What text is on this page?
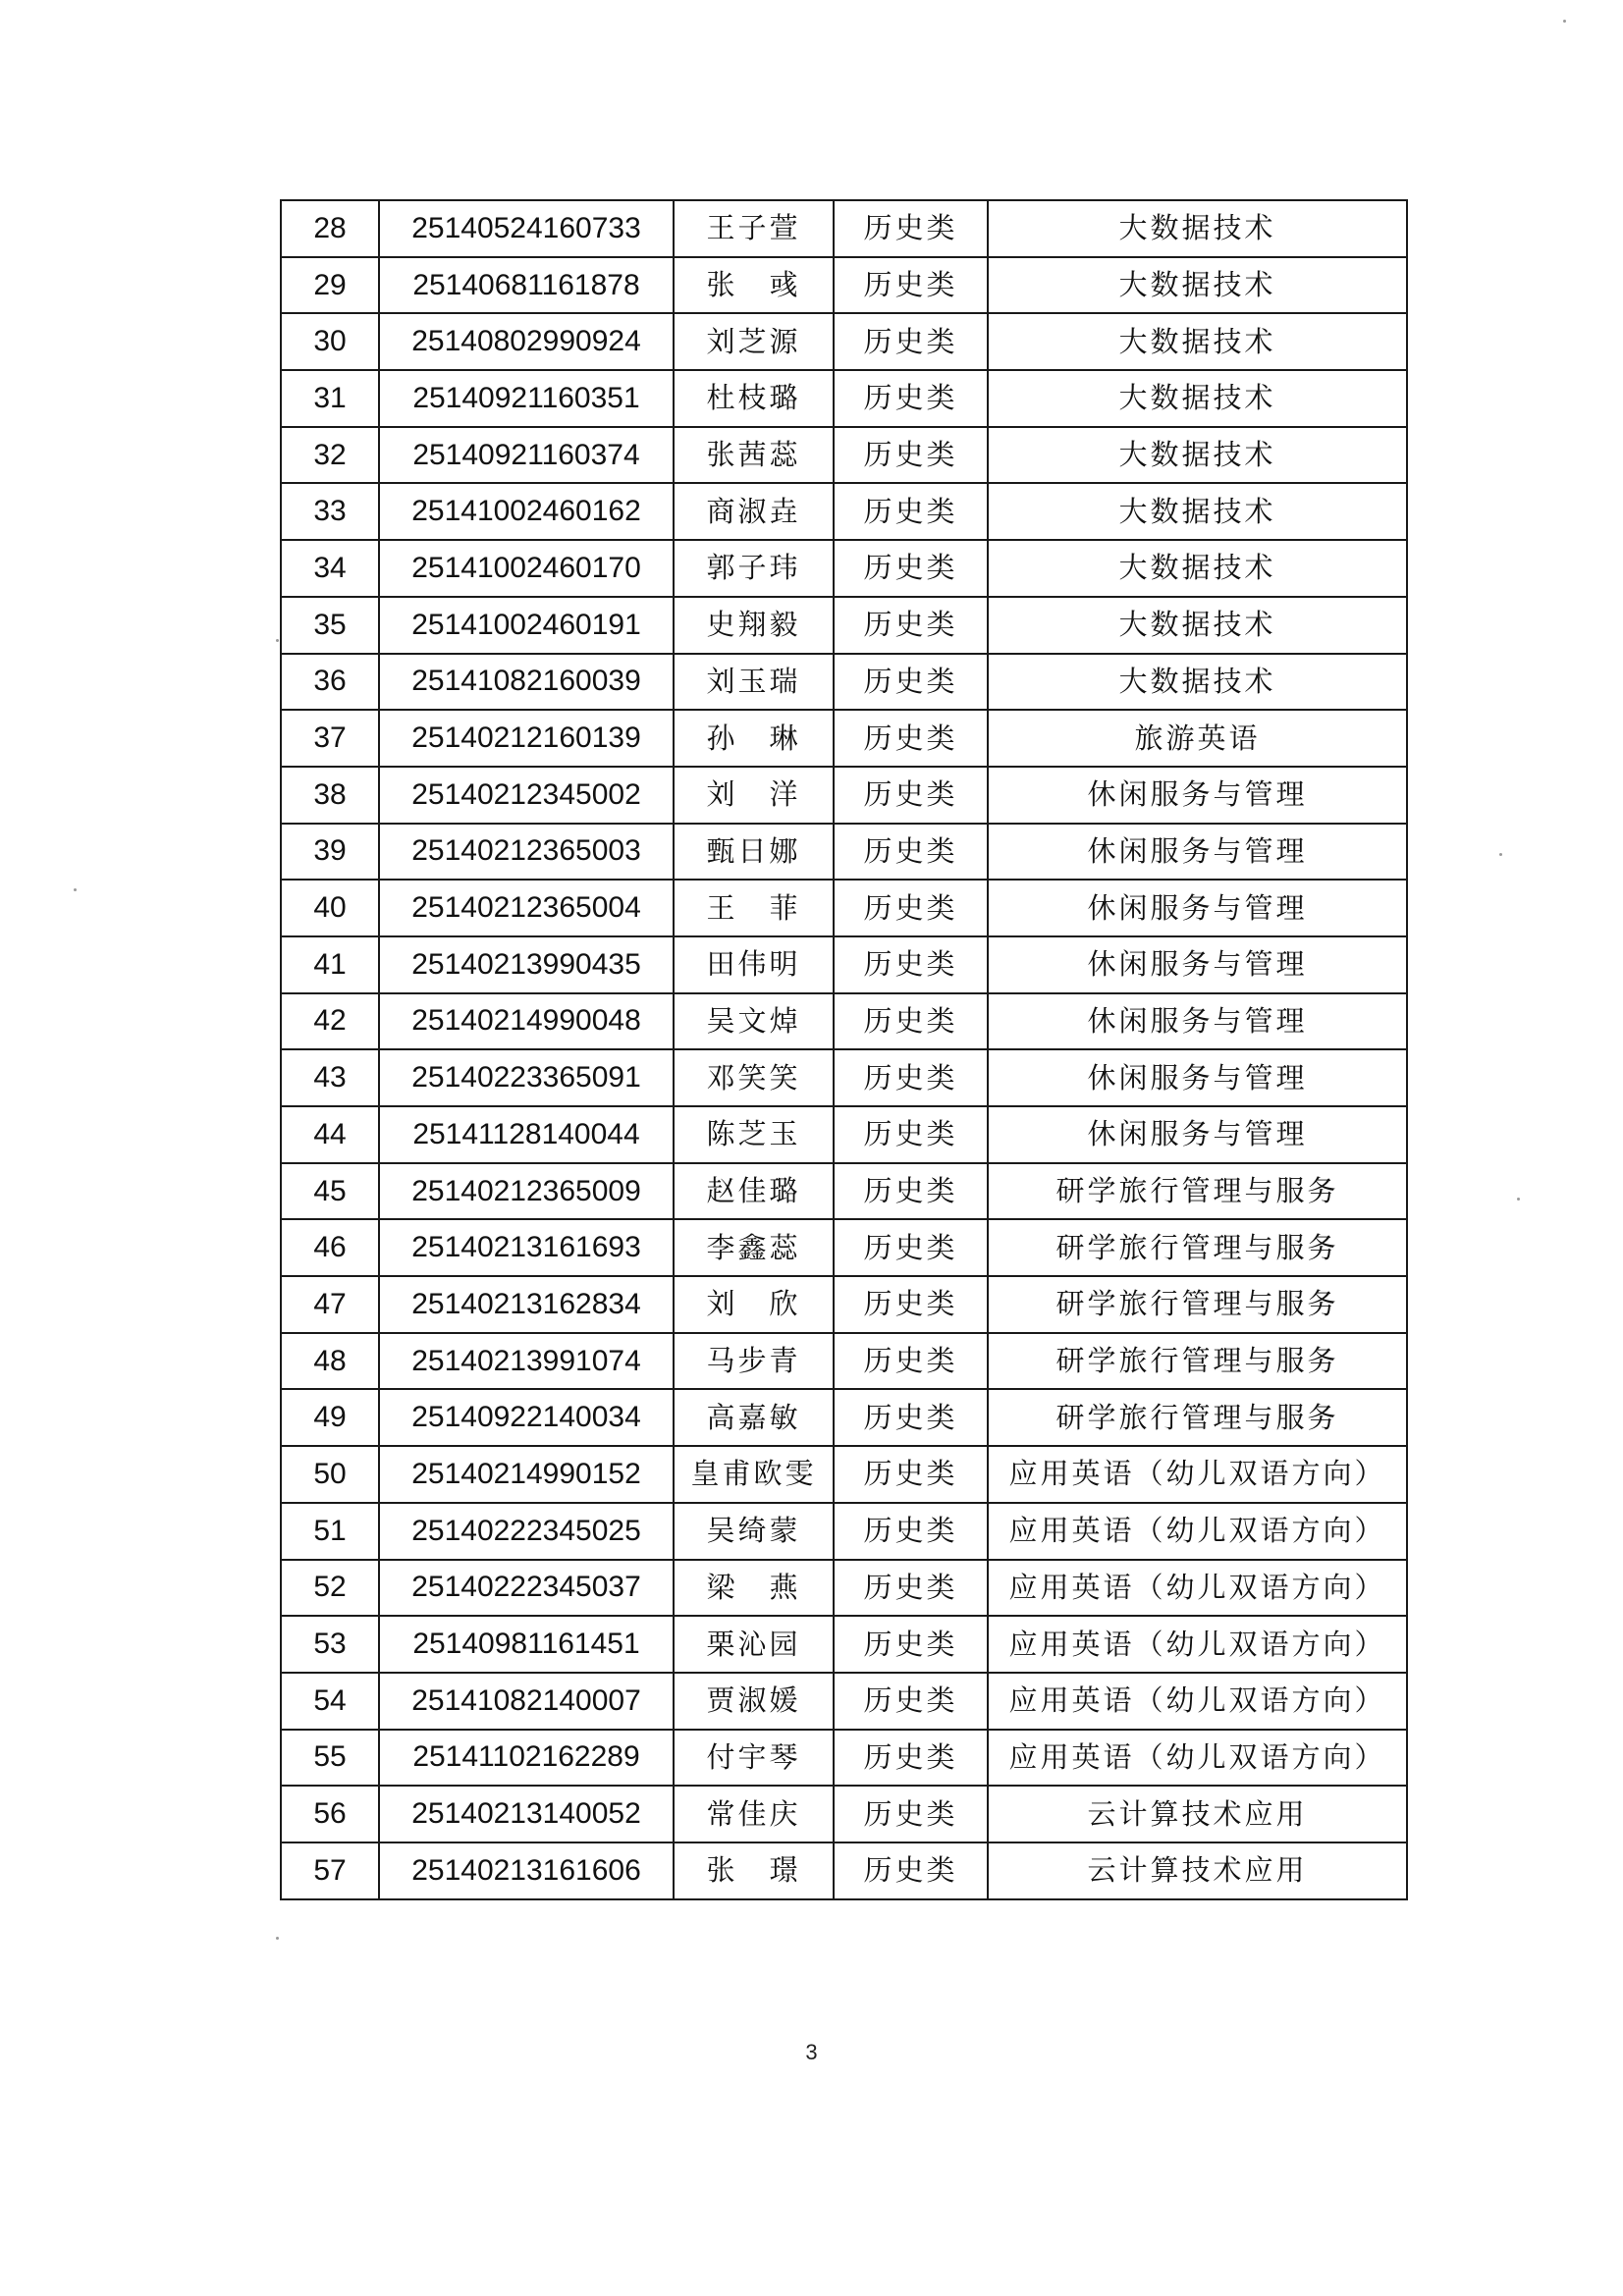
28	25140524160733	王子萱	历史类	大数据技术
29	25140681161878	张　彧	历史类	大数据技术
30	25140802990924	刘芝源	历史类	大数据技术
31	25140921160351	杜枝璐	历史类	大数据技术
32	25140921160374	张茜蕊	历史类	大数据技术
33	25141002460162	商淑垚	历史类	大数据技术
34	25141002460170	郭子玮	历史类	大数据技术
35	25141002460191	史翔毅	历史类	大数据技术
36	25141082160039	刘玉瑞	历史类	大数据技术
37	25140212160139	孙　琳	历史类	旅游英语
38	25140212345002	刘　洋	历史类	休闲服务与管理
39	25140212365003	甄日娜	历史类	休闲服务与管理
40	25140212365004	王　菲	历史类	休闲服务与管理
41	25140213990435	田伟明	历史类	休闲服务与管理
42	25140214990048	吴文焯	历史类	休闲服务与管理
43	25140223365091	邓笑笑	历史类	休闲服务与管理
44	25141128140044	陈芝玉	历史类	休闲服务与管理
45	25140212365009	赵佳璐	历史类	研学旅行管理与服务
46	25140213161693	李鑫蕊	历史类	研学旅行管理与服务
47	25140213162834	刘　欣	历史类	研学旅行管理与服务
48	25140213991074	马步青	历史类	研学旅行管理与服务
49	25140922140034	高嘉敏	历史类	研学旅行管理与服务
50	25140214990152	皇甫欧雯	历史类	应用英语（幼儿双语方向）
51	25140222345025	吴绮蒙	历史类	应用英语（幼儿双语方向）
52	25140222345037	梁　燕	历史类	应用英语（幼儿双语方向）
53	25140981161451	栗沁园	历史类	应用英语（幼儿双语方向）
54	25141082140007	贾淑媛	历史类	应用英语（幼儿双语方向）
55	25141102162289	付宇琴	历史类	应用英语（幼儿双语方向）
56	25140213140052	常佳庆	历史类	云计算技术应用
57	25140213161606	张　璟	历史类	云计算技术应用
3
